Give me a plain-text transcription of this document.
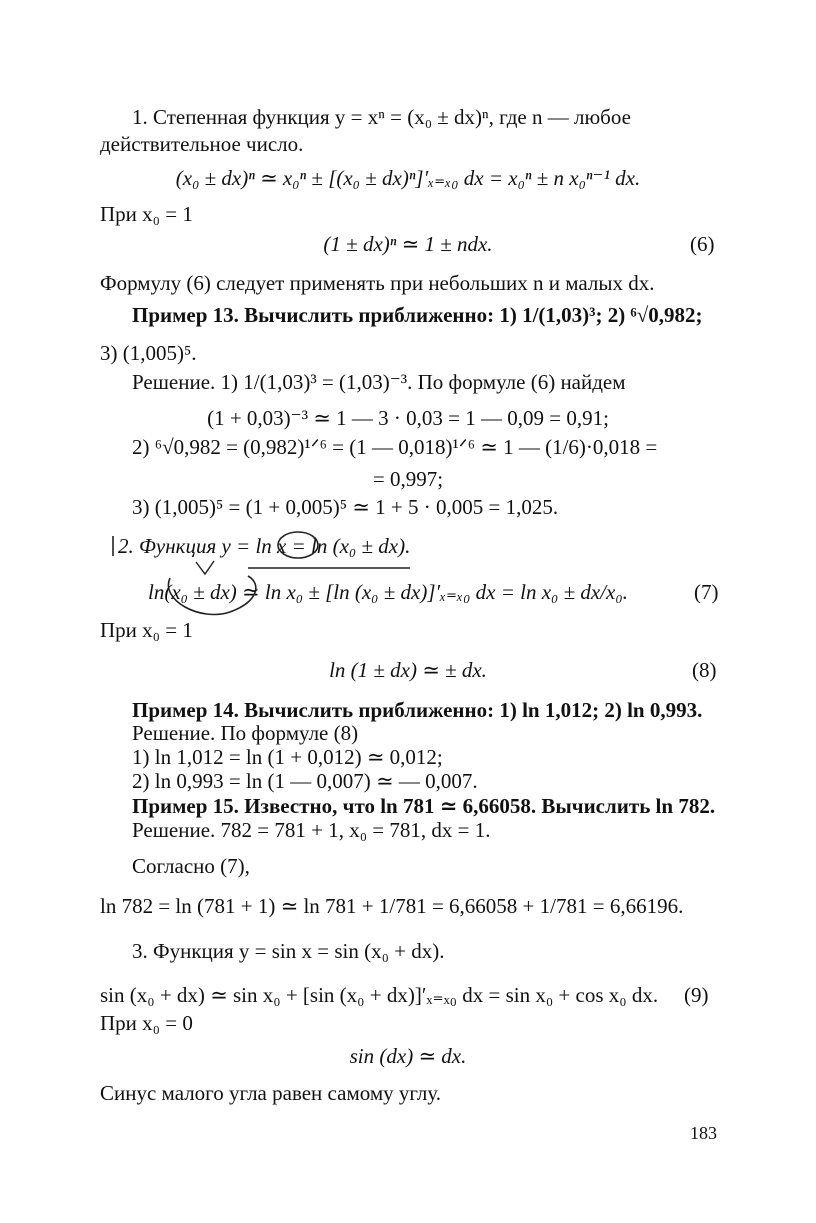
1. Степенная функция y = xⁿ = (x₀ ± dx)ⁿ, где n — любое
действительное число.
(x₀ ± dx)ⁿ ≃ x₀ⁿ ± [(x₀ ± dx)ⁿ]′ₓ₌ₓ₀ dx = x₀ⁿ ± n x₀ⁿ⁻¹ dx.
При x₀ = 1
(1 ± dx)ⁿ ≃ 1 ± ndx.	(6)
Формулу (6) следует применять при небольших n и малых dx.
Пример 13. Вычислить приближенно: 1) 1/(1,03)³; 2) ⁶√0,982;
3) (1,005)⁵.
Решение. 1) 1/(1,03)³ = (1,03)⁻³. По формуле (6) найдем
(1 + 0,03)⁻³ ≃ 1 — 3 · 0,03 = 1 — 0,09 = 0,91;
2) ⁶√0,982 = (0,982)¹ᐟ⁶ = (1 — 0,018)¹ᐟ⁶ ≃ 1 — (1/6)·0,018 =
= 0,997;
3) (1,005)⁵ = (1 + 0,005)⁵ ≃ 1 + 5 · 0,005 = 1,025.
2. Функция y = ln x = ln (x₀ ± dx).
ln(x₀ ± dx) ≃ ln x₀ ± [ln (x₀ ± dx)]′ₓ₌ₓ₀ dx = ln x₀ ± dx/x₀.	(7)
При x₀ = 1
ln (1 ± dx) ≃ ± dx.	(8)
Пример 14. Вычислить приближенно: 1) ln 1,012; 2) ln 0,993.
Решение. По формуле (8)
1) ln 1,012 = ln (1 + 0,012) ≃ 0,012;
2) ln 0,993 = ln (1 — 0,007) ≃ — 0,007.
Пример 15. Известно, что ln 781 ≃ 6,66058. Вычислить ln 782.
Решение. 782 = 781 + 1, x₀ = 781, dx = 1.
Согласно (7),
ln 782 = ln (781 + 1) ≃ ln 781 + 1/781 = 6,66058 + 1/781 = 6,66196.
3. Функция y = sin x = sin (x₀ + dx).
sin (x₀ + dx) ≃ sin x₀ + [sin (x₀ + dx)]′ₓ₌ₓ₀ dx = sin x₀ + cos x₀ dx. (9)
При x₀ = 0
sin (dx) ≃ dx.
Синус малого угла равен самому углу.
183
